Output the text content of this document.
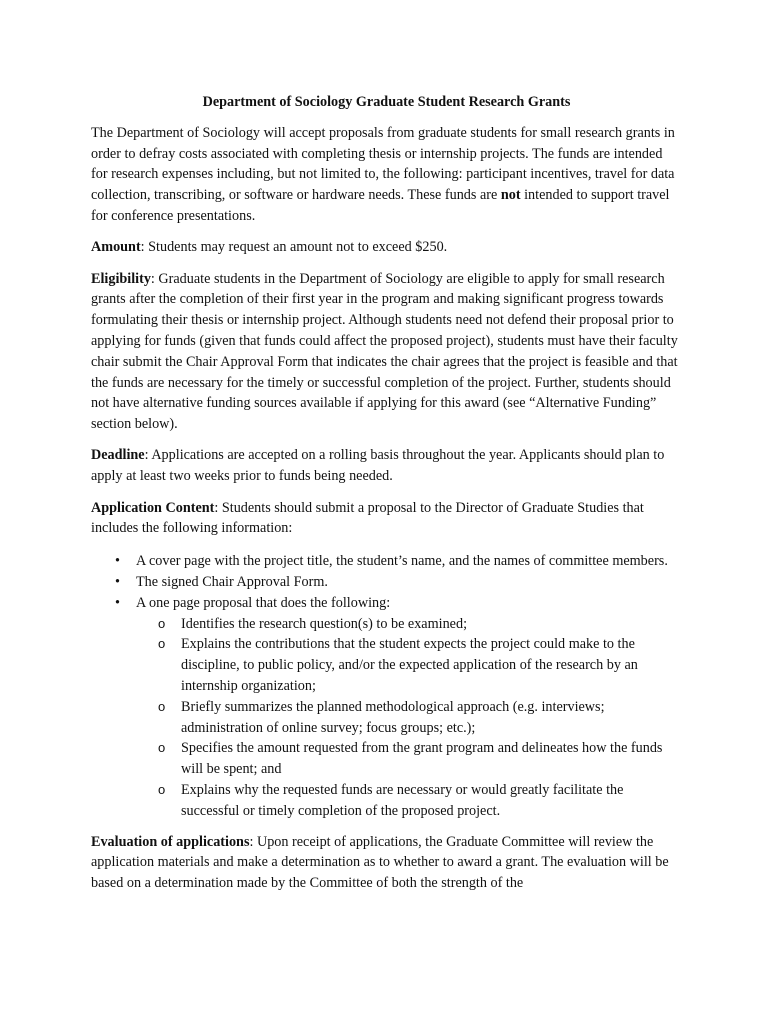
Department of Sociology Graduate Student Research Grants

The Department of Sociology will accept proposals from graduate students for small research grants in order to defray costs associated with completing thesis or internship projects. The funds are intended for research expenses including, but not limited to, the following: participant incentives, travel for data collection, transcribing, or software or hardware needs. These funds are not intended to support travel for conference presentations.

Amount: Students may request an amount not to exceed $250.

Eligibility: Graduate students in the Department of Sociology are eligible to apply for small research grants after the completion of their first year in the program and making significant progress towards formulating their thesis or internship project. Although students need not defend their proposal prior to applying for funds (given that funds could affect the proposed project), students must have their faculty chair submit the Chair Approval Form that indicates the chair agrees that the project is feasible and that the funds are necessary for the timely or successful completion of the project. Further, students should not have alternative funding sources available if applying for this award (see “Alternative Funding” section below).

Deadline: Applications are accepted on a rolling basis throughout the year. Applicants should plan to apply at least two weeks prior to funds being needed.

Application Content: Students should submit a proposal to the Director of Graduate Studies that includes the following information:

• A cover page with the project title, the student’s name, and the names of committee members.
• The signed Chair Approval Form.
• A one page proposal that does the following:
o Identifies the research question(s) to be examined;
o Explains the contributions that the student expects the project could make to the discipline, to public policy, and/or the expected application of the research by an internship organization;
o Briefly summarizes the planned methodological approach (e.g. interviews; administration of online survey; focus groups; etc.);
o Specifies the amount requested from the grant program and delineates how the funds will be spent; and
o Explains why the requested funds are necessary or would greatly facilitate the successful or timely completion of the proposed project.

Evaluation of applications: Upon receipt of applications, the Graduate Committee will review the application materials and make a determination as to whether to award a grant. The evaluation will be based on a determination made by the Committee of both the strength of the
